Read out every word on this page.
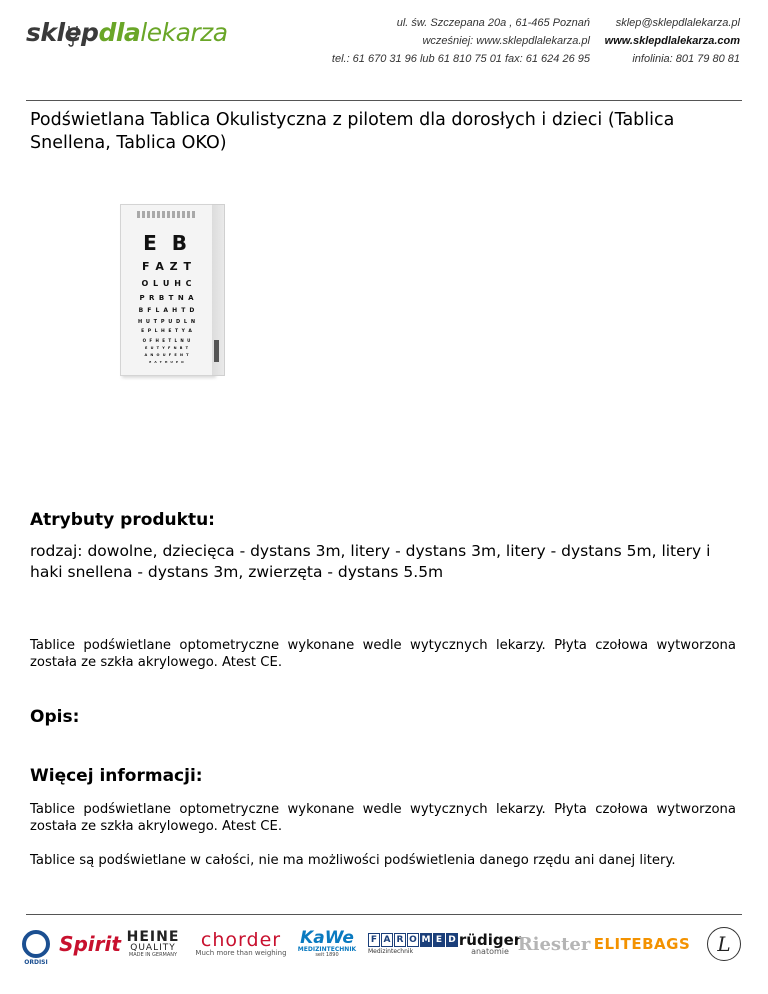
sklepdlalekarza	ul. św. Szczepana 20a , 61-465 Poznań
wcześniej: www.sklepdlalekarza.pl
tel.: 61 670 31 96 lub 61 810 75 01 fax: 61 624 26 95
sklep@sklepdlalekarza.pl
www.sklepdlalekarza.com
infolinia: 801 79 80 81
Podświetlana Tablica Okulistyczna z pilotem dla dorosłych i dzieci (Tablica Snellena, Tablica OKO)
E B
F A Z T
O L U H C
P R B T N A
B F L A H T D
H U T P U D L N
E P L H E T Y A
O F H E T L N U
E U T Y F N B T
A N O U F E N T
E A T H U P O
Atrybuty produktu:

rodzaj: dowolne, dziecięca - dystans 3m, litery - dystans 3m, litery - dystans 5m, litery i haki snellena - dystans 3m, zwierzęta - dystans 5.5m

Tablice podświetlane optometryczne wykonane wedle wytycznych lekarzy. Płyta czołowa wytworzona została ze szkła akrylowego. Atest CE.

Opis:
Więcej informacji:

Tablice podświetlane optometryczne wykonane wedle wytycznych lekarzy. Płyta czołowa wytworzona została ze szkła akrylowego. Atest CE.

Tablice są podświetlane w całości, nie ma możliwości podświetlenia danego rzędu ani danej litery.

ORDISI
Spirit HEINE
QUALITY
MADE IN GERMANY
chorder
Much more than weighing
KaWe
MEDIZINTECHNIK
seit 1890
F A R O M E D
Medizintechnik
rüdiger
anatomie Riester ELITEBAGS	L
